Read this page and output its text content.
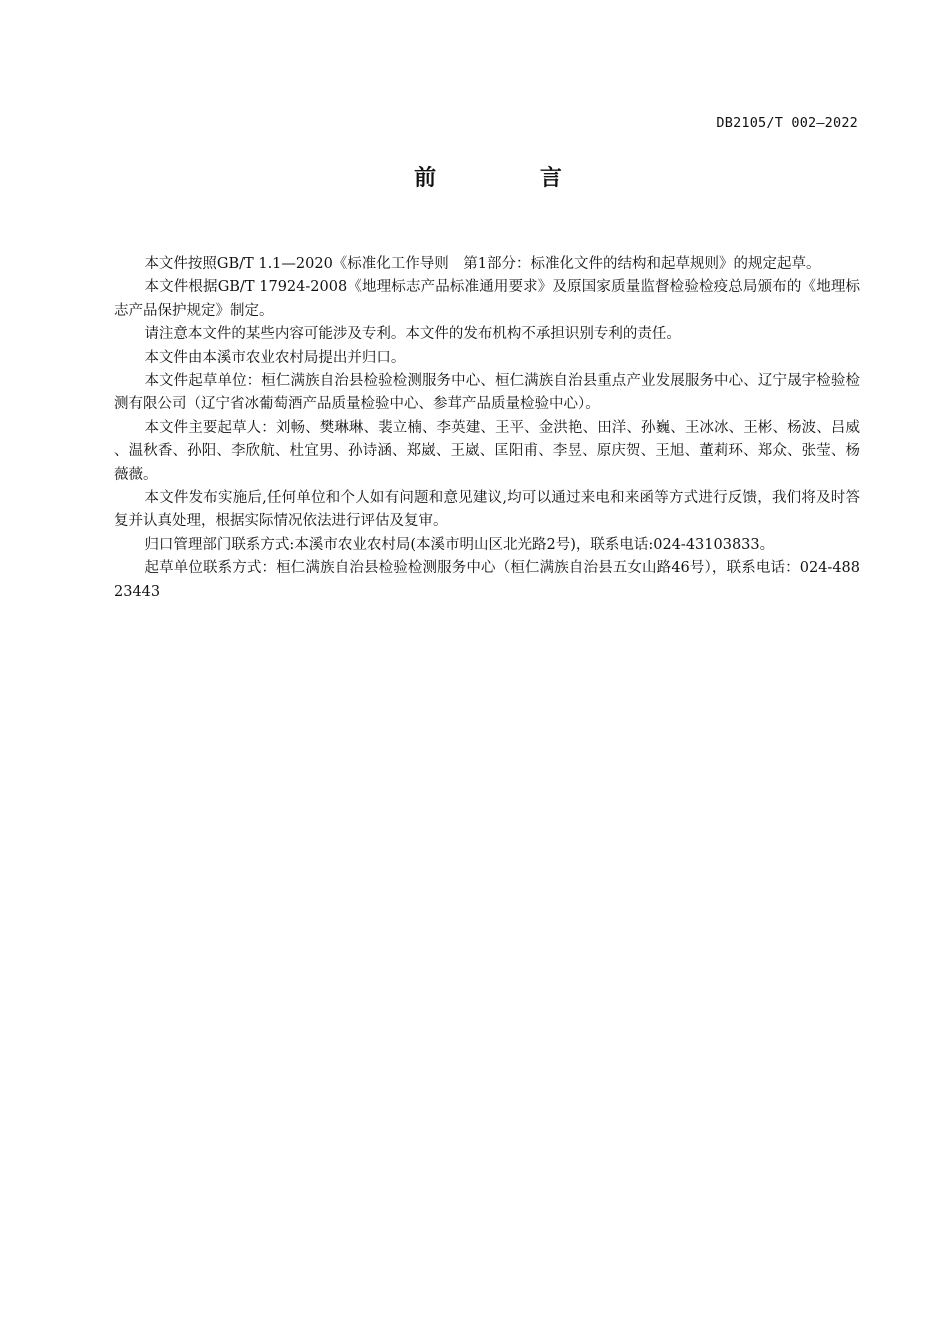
DB2105/T 002—2022
前 言

本文件按照GB/T 1.1—2020《标准化工作导则　第1部分：标准化文件的结构和起草规则》的规定起草。

本文件根据GB/T 17924-2008《地理标志产品标准通用要求》及原国家质量监督检验检疫总局颁布的《地理标志产品保护规定》制定。

请注意本文件的某些内容可能涉及专利。本文件的发布机构不承担识别专利的责任。

本文件由本溪市农业农村局提出并归口。

本文件起草单位：桓仁满族自治县检验检测服务中心、桓仁满族自治县重点产业发展服务中心、辽宁晟宇检验检测有限公司（辽宁省冰葡萄酒产品质量检验中心、参茸产品质量检验中心）。

本文件主要起草人：刘畅、樊琳琳、裴立楠、李英建、王平、金洪艳、田洋、孙巍、王冰冰、王彬、杨波、吕威、温秋香、孙阳、李欣航、杜宜男、孙诗涵、郑崴、王崴、匡阳甫、李昱、原庆贺、王旭、董莉环、郑众、张莹、杨薇薇。

本文件发布实施后,任何单位和个人如有问题和意见建议,均可以通过来电和来函等方式进行反馈，我们将及时答复并认真处理，根据实际情况依法进行评估及复审。

归口管理部门联系方式:本溪市农业农村局(本溪市明山区北光路2号)，联系电话:024-43103833。

起草单位联系方式：桓仁满族自治县检验检测服务中心（桓仁满族自治县五女山路46号），联系电话：024-48823443
